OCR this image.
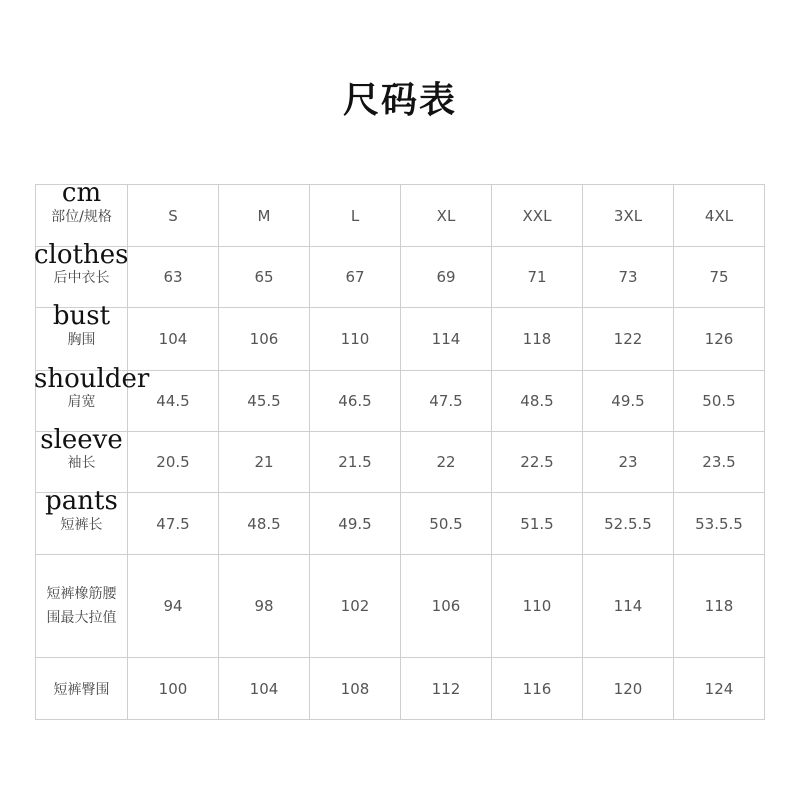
尺码表
cm
部位/规格	S	M	L	XL	XXL	3XL	4XL

clothes
后中衣长	63	65	67	69	71	73	75

bust
胸围	104	106	110	114	118	122	126

shoulder
肩宽	44.5	45.5	46.5	47.5	48.5	49.5	50.5

sleeve
袖长	20.5	21	21.5	22	22.5	23	23.5

pants
短裤长	47.5	48.5	49.5	50.5	51.5	52.5.5	53.5.5

短裤橡筋腰
围最大拉值	94	98	102	106	110	114	118

短裤臀围	100	104	108	112	116	120	124
